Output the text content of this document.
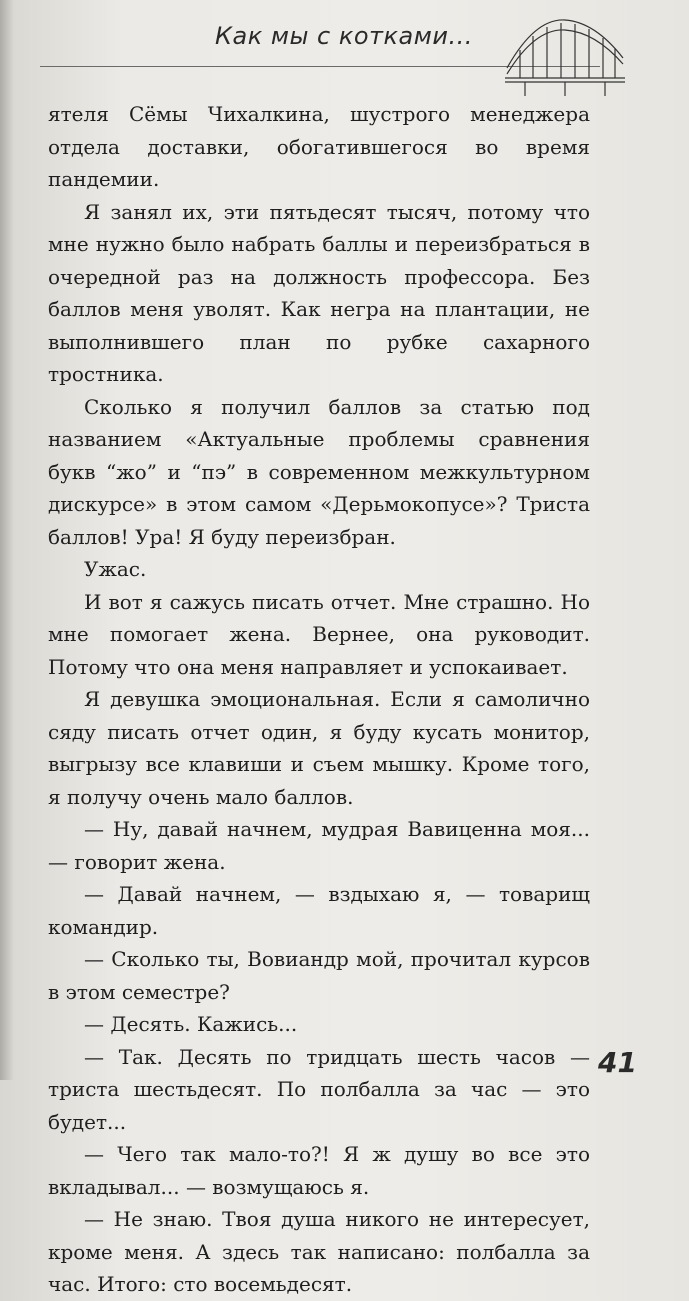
Как мы с котками...

ятеля Сёмы Чихалкина, шустрого менеджера отдела доставки, обогатившегося во время пандемии.

Я занял их, эти пятьдесят тысяч, потому что мне нужно было набрать баллы и переизбраться в очередной раз на должность профессора. Без баллов меня уволят. Как негра на плантации, не выполнившего план по рубке сахарного тростника.

Сколько я получил баллов за статью под названием «Актуальные проблемы сравнения букв “жо” и “пэ” в современном межкультурном дискурсе» в этом самом «Дерьмокопусе»? Триста баллов! Ура! Я буду переизбран.

Ужас.

И вот я сажусь писать отчет. Мне страшно. Но мне помогает жена. Вернее, она руководит. Потому что она меня направляет и успокаивает.

Я девушка эмоциональная. Если я самолично сяду писать отчет один, я буду кусать монитор, выгрызу все клавиши и съем мышку. Кроме того, я получу очень мало баллов.

— Ну, давай начнем, мудрая Вавиценна моя... — говорит жена.

— Давай начнем, — вздыхаю я, — товарищ командир.

— Сколько ты, Вовиандр мой, прочитал курсов в этом семестре?

— Десять. Кажись...

— Так. Десять по тридцать шесть часов — триста шестьдесят. По полбалла за час — это будет...

— Чего так мало-то?! Я ж душу во все это вкладывал... — возмущаюсь я.

— Не знаю. Твоя душа никого не интересует, кроме меня. А здесь так написано: полбалла за час. Итого: сто восемьдесят.

41
